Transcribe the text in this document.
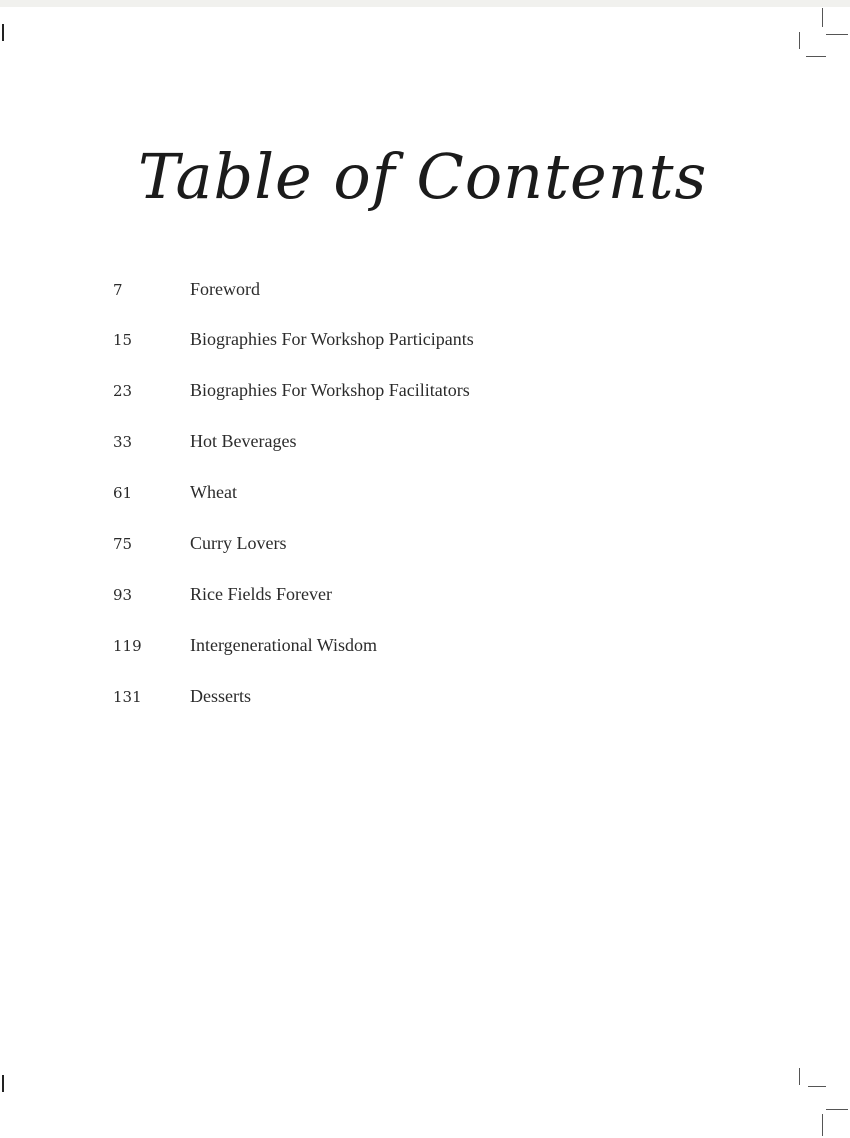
Table of Contents
7	Foreword
15	Biographies For Workshop Participants
23	Biographies For Workshop Facilitators
33	Hot Beverages
61	Wheat
75	Curry Lovers
93	Rice Fields Forever
119	Intergenerational Wisdom
131	Desserts
